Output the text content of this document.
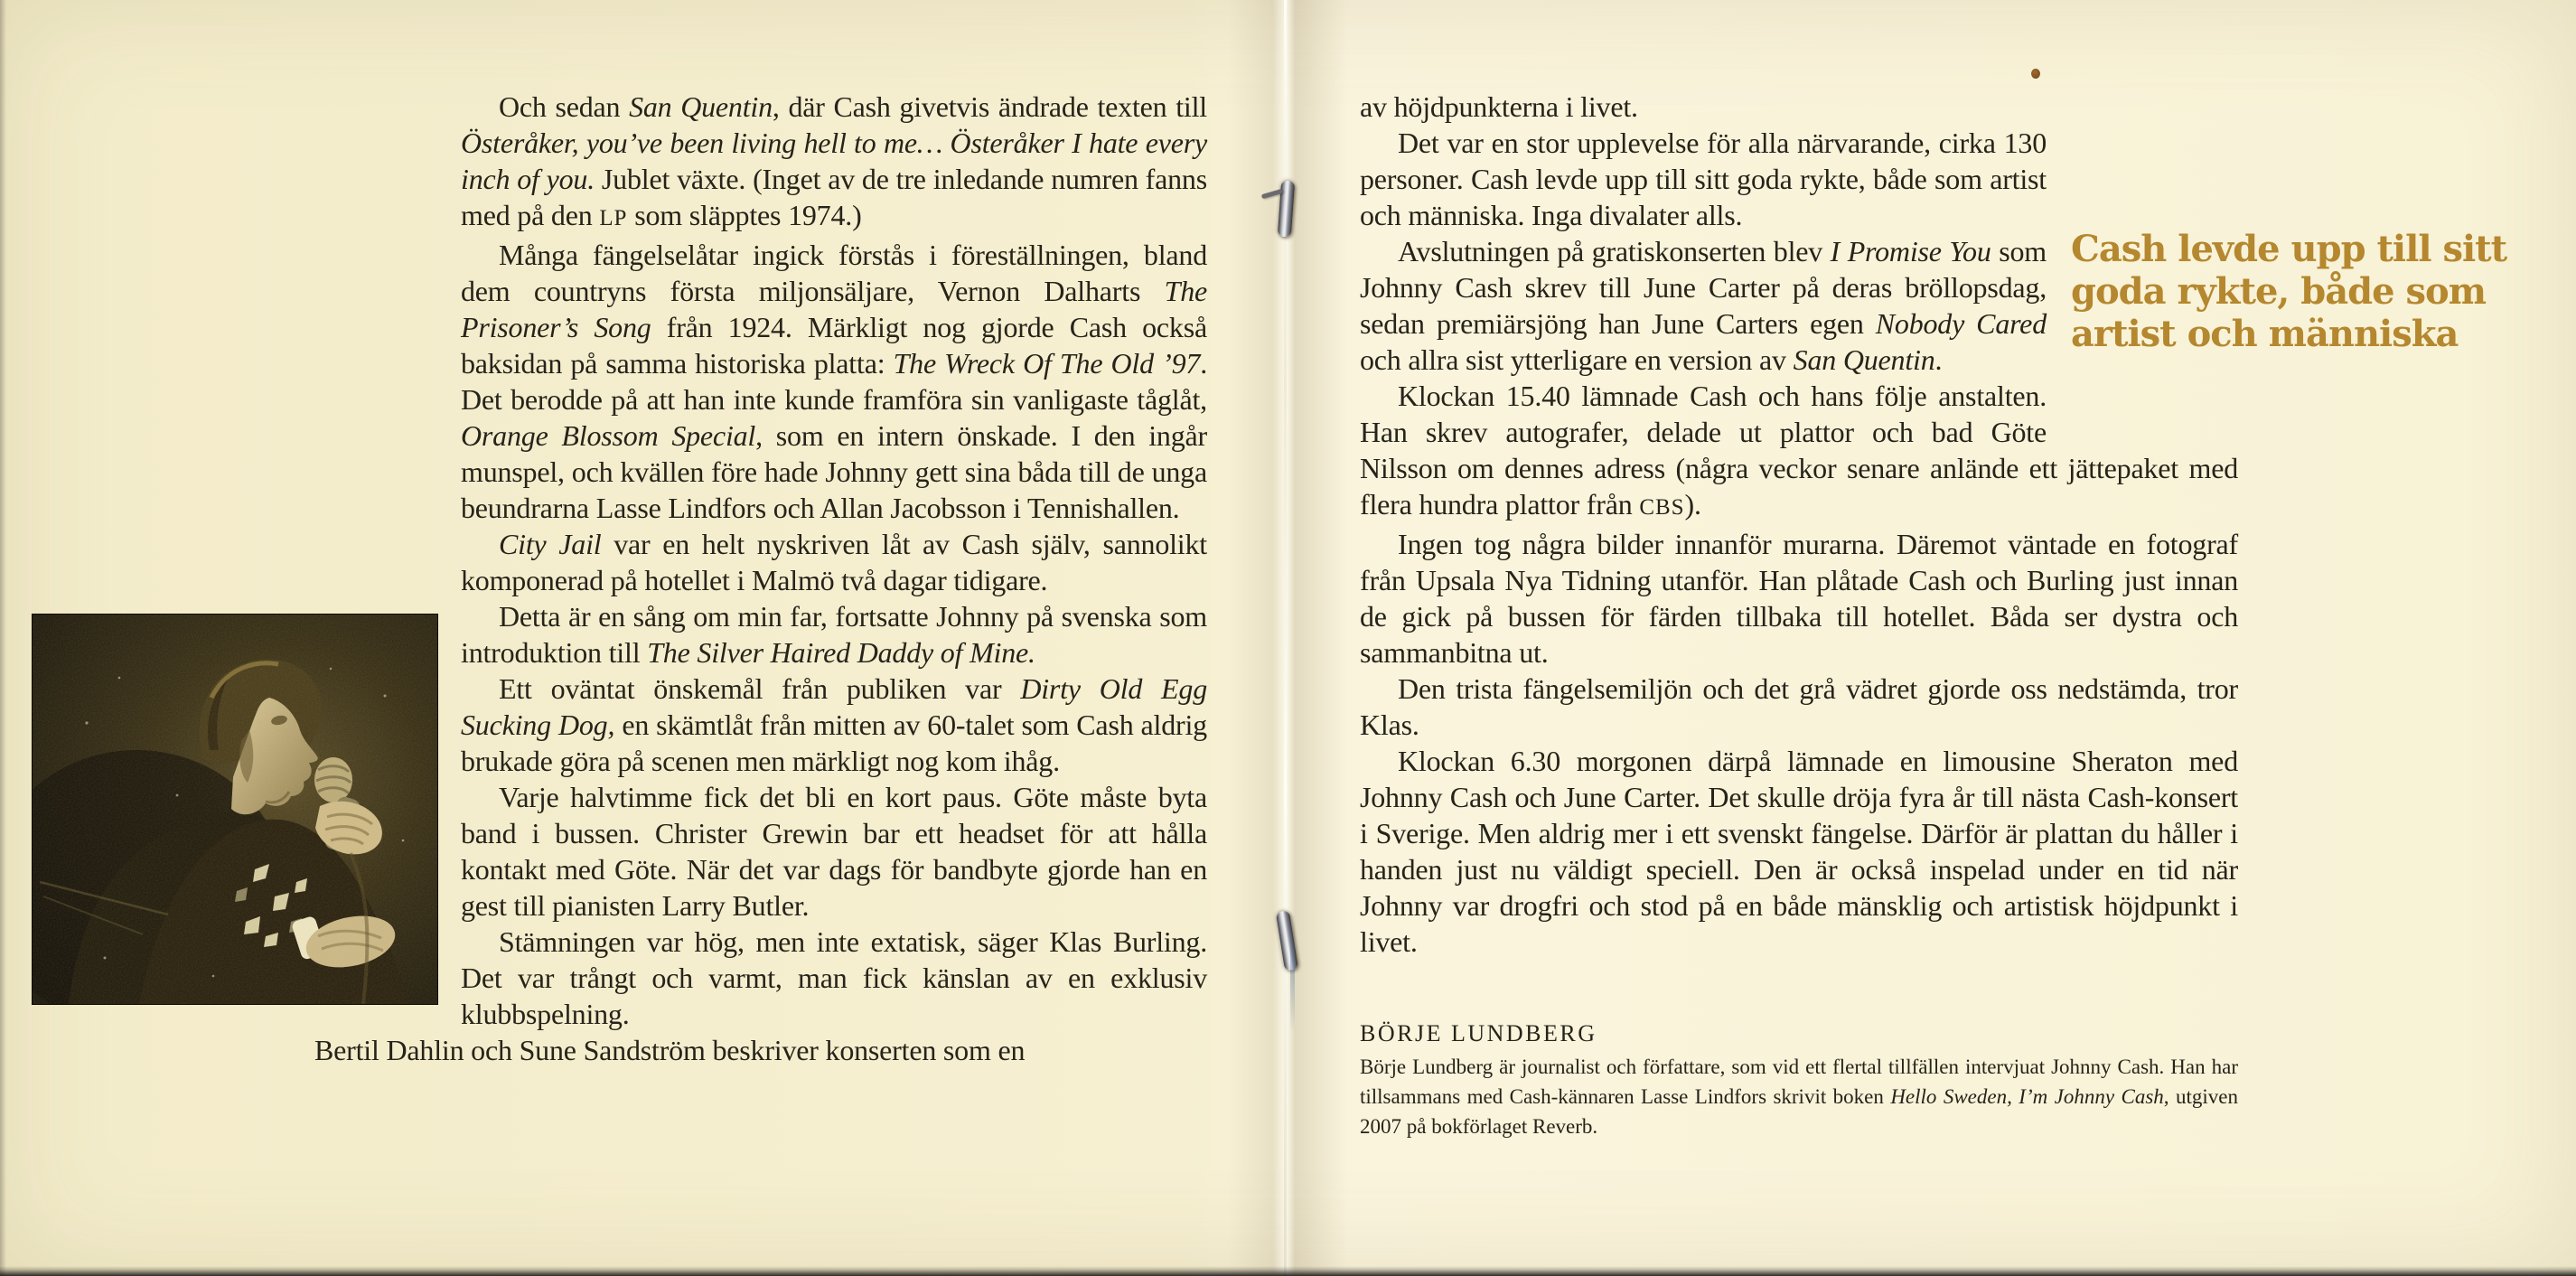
Och sedan San Quentin, där Cash givetvis ändrade texten till Österåker, you’ve been living hell to me… Österåker I hate every inch of you. Jublet växte. (Inget av de tre inledande numren fanns med på den LP som släpptes 1974.)

Många fängelselåtar ingick förstås i föreställningen, bland dem countryns första miljonsäljare, Vernon Dalharts The Prisoner’s Song från 1924. Märkligt nog gjorde Cash också baksidan på samma historiska platta: The Wreck Of The Old ’97. Det berodde på att han inte kunde framföra sin vanligaste tåglåt, Orange Blossom Special, som en intern önskade. I den ingår munspel, och kvällen före hade Johnny gett sina båda till de unga beundrarna Lasse Lindfors och Allan Jacobsson i Tennishallen.

City Jail var en helt nyskriven låt av Cash själv, sannolikt komponerad på hotellet i Malmö två dagar tidigare.

Detta är en sång om min far, fortsatte Johnny på svenska som introduktion till The Silver Haired Daddy of Mine.

Ett oväntat önskemål från publiken var Dirty Old Egg Sucking Dog, en skämtlåt från mitten av 60-talet som Cash aldrig brukade göra på scenen men märkligt nog kom ihåg.

Varje halvtimme fick det bli en kort paus. Göte måste byta band i bussen. Christer Grewin bar ett headset för att hålla kontakt med Göte. När det var dags för bandbyte gjorde han en gest till pianisten Larry Butler.

Stämningen var hög, men inte extatisk, säger Klas Burling. Det var trångt och varmt, man fick känslan av en exklusiv klubbspelning.

Bertil Dahlin och Sune Sandström beskriver konserten som en

av höjdpunkterna i livet.

Det var en stor upplevelse för alla närvarande, cirka 130 personer. Cash levde upp till sitt goda rykte, både som artist och människa. Inga divalater alls.

Avslutningen på gratiskonserten blev I Promise You som Johnny Cash skrev till June Carter på deras bröllopsdag, sedan premiärsjöng han June Carters egen Nobody Cared och allra sist ytterligare en version av San Quentin.

Klockan 15.40 lämnade Cash och hans följe anstalten. Han skrev autografer, delade ut plattor och bad Göte Nilsson om dennes adress (några veckor senare anlände ett jättepaket med flera hundra plattor från CBS).

Ingen tog några bilder innanför murarna. Däremot väntade en fotograf från Upsala Nya Tidning utanför. Han plåtade Cash och Burling just innan de gick på bussen för färden tillbaka till hotellet. Båda ser dystra och sammanbitna ut.

Den trista fängelsemiljön och det grå vädret gjorde oss nedstämda, tror Klas.

Klockan 6.30 morgonen därpå lämnade en limousine Sheraton med Johnny Cash och June Carter. Det skulle dröja fyra år till nästa Cash-konsert i Sverige. Men aldrig mer i ett svenskt fängelse. Därför är plattan du håller i handen just nu väldigt speciell. Den är också inspelad under en tid när Johnny var drogfri och stod på en både mänsklig och artistisk höjdpunkt i livet.

BÖRJE LUNDBERG

Börje Lundberg är journalist och författare, som vid ett flertal tillfällen intervjuat Johnny Cash. Han har tillsammans med Cash-kännaren Lasse Lindfors skrivit boken Hello Sweden, I’m Johnny Cash, utgiven 2007 på bokförlaget Reverb.

Cash levde upp till sitt goda rykte, både som artist och människa
